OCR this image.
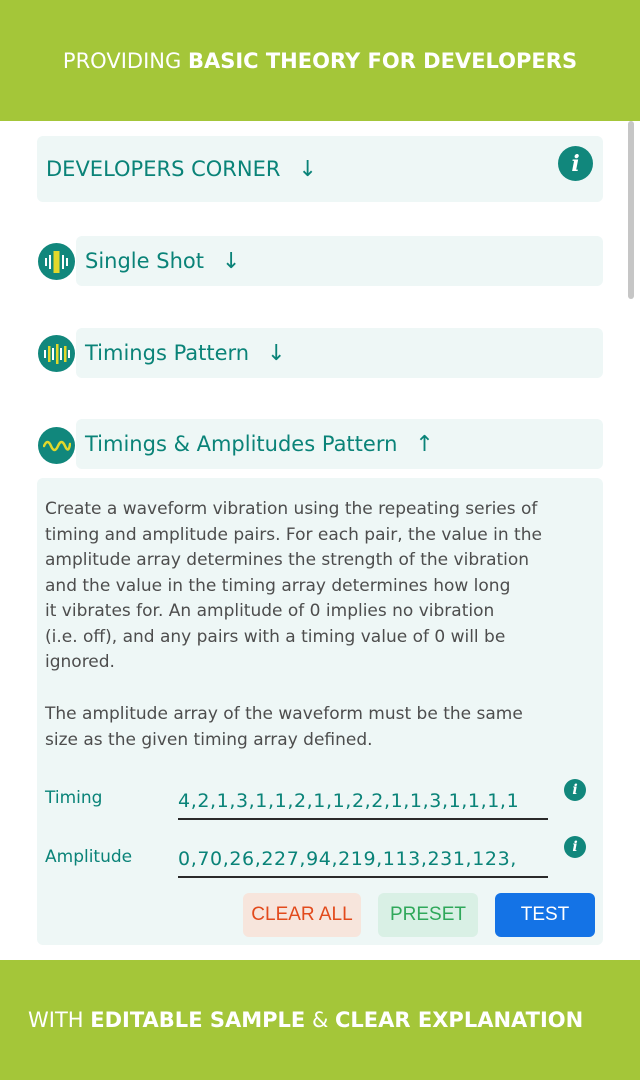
PROVIDING
BASIC THEORY FOR DEVELOPERS
DEVELOPERS CORNER ↓	i
Single Shot ↓
Timings Pattern ↓
Timings & Amplitudes Pattern ↑
Create a waveform vibration using the repeating series of
timing and amplitude pairs. For each pair, the value in the
amplitude array determines the strength of the vibration
and the value in the timing array determines how long
it vibrates for. An amplitude of 0 implies no vibration
(i.e. off), and any pairs with a timing value of 0 will be
ignored.
The amplitude array of the waveform must be the same
size as the given timing array defined.
Timing
4,2,1,3,1,1,2,1,1,2,2,1,1,3,1,1,1,1	i
Amplitude
0,70,26,227,94,219,113,231,123,	i
CLEAR ALL	PRESET	TEST
WITH
EDITABLE SAMPLE
&
CLEAR EXPLANATION
